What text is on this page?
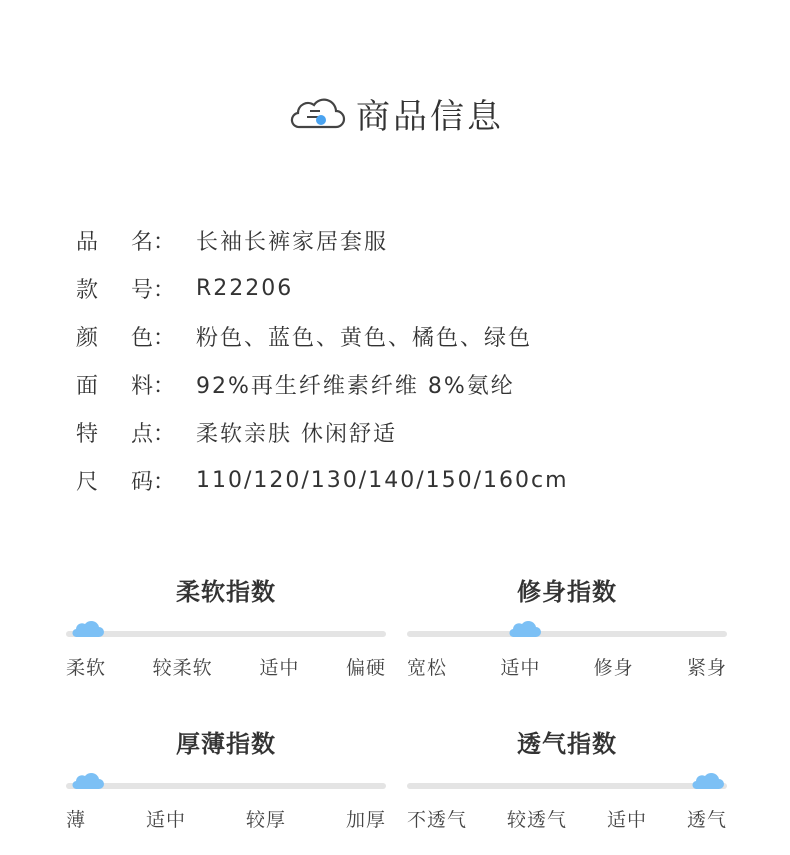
商品信息
品	名： 长袖长裤家居套服
款	号： R22206
颜	色： 粉色、蓝色、黄色、橘色、绿色
面	料： 92%再生纤维素纤维 8%氨纶
特	点： 柔软亲肤 休闲舒适
尺	码： 110/120/130/140/150/160cm
柔软指数
柔软 较柔软 适中 偏硬
修身指数
宽松	适中	修身	紧身
厚薄指数
薄	适中	较厚	加厚
透气指数
不透气 较透气 适中 透气
